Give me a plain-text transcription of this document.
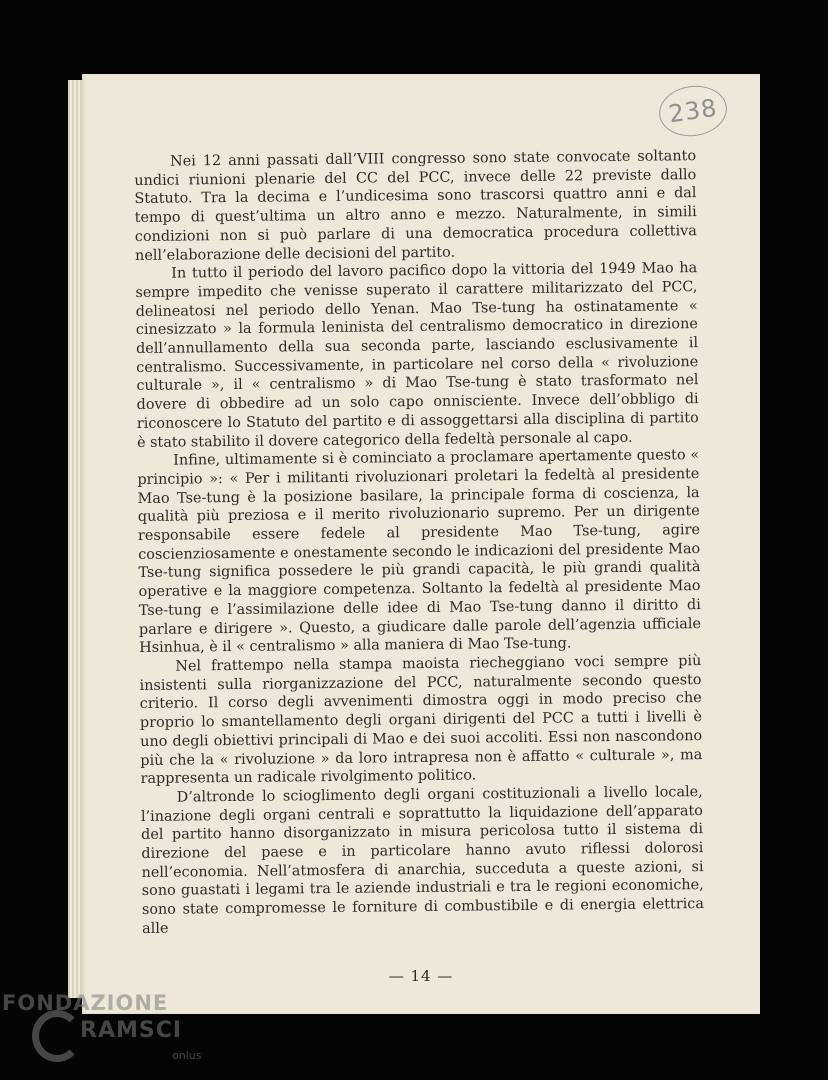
238

Nei 12 anni passati dall’VIII congresso sono state convocate soltanto undici riunioni plenarie del CC del PCC, invece delle 22 previste dallo Statuto. Tra la decima e l’undicesima sono trascorsi quattro anni e dal tempo di quest’ultima un altro anno e mezzo. Naturalmente, in simili condizioni non si può parlare di una democratica procedura collettiva nell’elaborazione delle decisioni del partito.

In tutto il periodo del lavoro pacifico dopo la vittoria del 1949 Mao ha sempre impedito che venisse superato il carattere militarizzato del PCC, delineatosi nel periodo dello Yenan. Mao Tse-tung ha ostinatamente « cinesizzato » la formula leninista del centralismo democratico in direzione dell’annullamento della sua seconda parte, lasciando esclusivamente il centralismo. Successivamente, in particolare nel corso della « rivoluzione culturale », il « centralismo » di Mao Tse-tung è stato trasformato nel dovere di obbedire ad un solo capo onnisciente. Invece dell’obbligo di riconoscere lo Statuto del partito e di assoggettarsi alla disciplina di partito è stato stabilito il dovere categorico della fedeltà personale al capo.

Infine, ultimamente si è cominciato a proclamare apertamente questo « principio »: « Per i militanti rivoluzionari proletari la fedeltà al presidente Mao Tse-tung è la posizione basilare, la principale forma di coscienza, la qualità più preziosa e il merito rivoluzionario supremo. Per un dirigente responsabile essere fedele al presidente Mao Tse-tung, agire coscienziosamente e onestamente secondo le indicazioni del presidente Mao Tse-tung significa possedere le più grandi capacità, le più grandi qualità operative e la maggiore competenza. Soltanto la fedeltà al presidente Mao Tse-tung e l’assimilazione delle idee di Mao Tse-tung danno il diritto di parlare e dirigere ». Questo, a giudicare dalle parole dell’agenzia ufficiale Hsinhua, è il « centralismo » alla maniera di Mao Tse-tung.

Nel frattempo nella stampa maoista riecheggiano voci sempre più insistenti sulla riorganizzazione del PCC, naturalmente secondo questo criterio. Il corso degli avvenimenti dimostra oggi in modo preciso che proprio lo smantellamento degli organi dirigenti del PCC a tutti i livelli è uno degli obiettivi principali di Mao e dei suoi accoliti. Essi non nascondono più che la « rivoluzione » da loro intrapresa non è affatto « culturale », ma rappresenta un radicale rivolgimento politico.

D’altronde lo scioglimento degli organi costituzionali a livello locale, l’inazione degli organi centrali e soprattutto la liquidazione dell’apparato del partito hanno disorganizzato in misura pericolosa tutto il sistema di direzione del paese e in particolare hanno avuto riflessi dolorosi nell’economia. Nell’atmosfera di anarchia, succeduta a queste azioni, si sono guastati i legami tra le aziende industriali e tra le regioni economiche, sono state compromesse le forniture di combustibile e di energia elettrica alle

— 14 —
FONDAZIONE
RAMSCI
onlus
